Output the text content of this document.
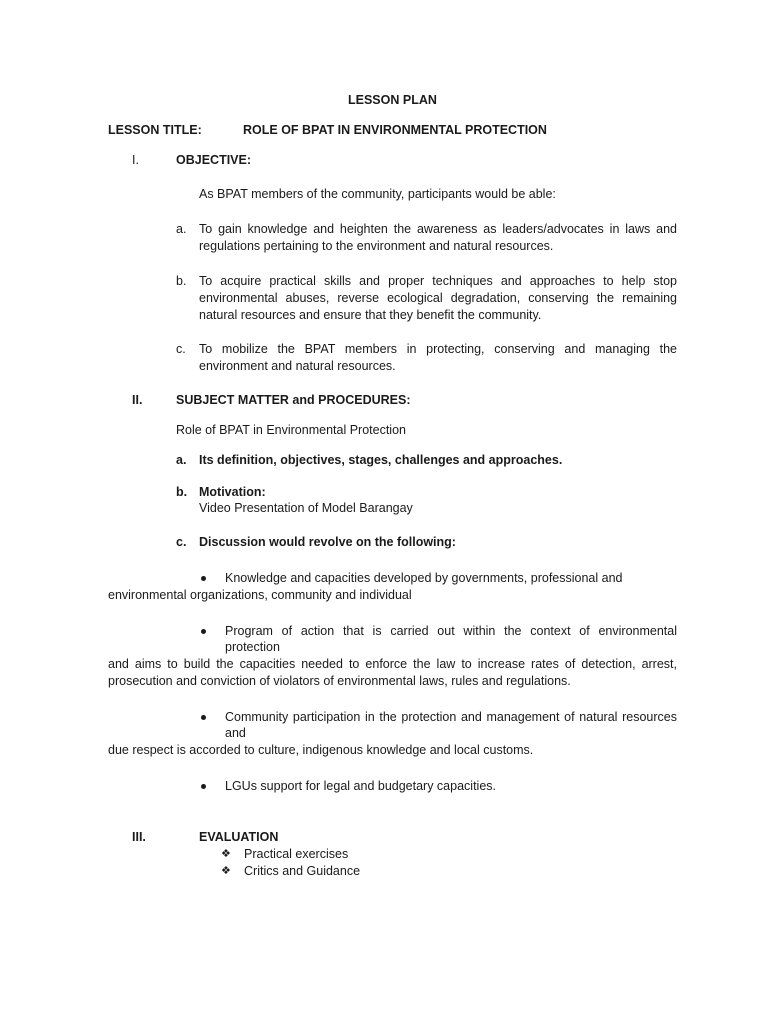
LESSON PLAN
LESSON TITLE:	ROLE OF BPAT IN ENVIRONMENTAL PROTECTION
I.	OBJECTIVE:
As BPAT members of the community, participants would be able:
a. To gain knowledge and heighten the awareness as leaders/advocates in laws and
regulations pertaining to the environment and natural resources.
b. To acquire practical skills and proper techniques and approaches to help stop
environmental abuses, reverse ecological degradation, conserving the remaining
natural resources and ensure that they benefit the community.
c. To mobilize the BPAT members in protecting, conserving and managing the
environment and natural resources.
II.	SUBJECT MATTER and PROCEDURES:
Role of BPAT in Environmental Protection
a. Its definition, objectives, stages, challenges and approaches.
b. Motivation:
Video Presentation of Model Barangay
c. Discussion would revolve on the following:
Knowledge and capacities developed by governments, professional and
environmental organizations, community and individual
Program of action that is carried out within the context of environmental
protection
and aims to build the capacities needed to enforce the law to increase rates of detection, arrest,
prosecution and conviction of violators of environmental laws, rules and regulations.
Community participation in the protection and management of natural resources
and
due respect is accorded to culture, indigenous knowledge and local customs.
LGUs support for legal and budgetary capacities.
III.	EVALUATION
❖ Practical exercises
❖ Critics and Guidance
